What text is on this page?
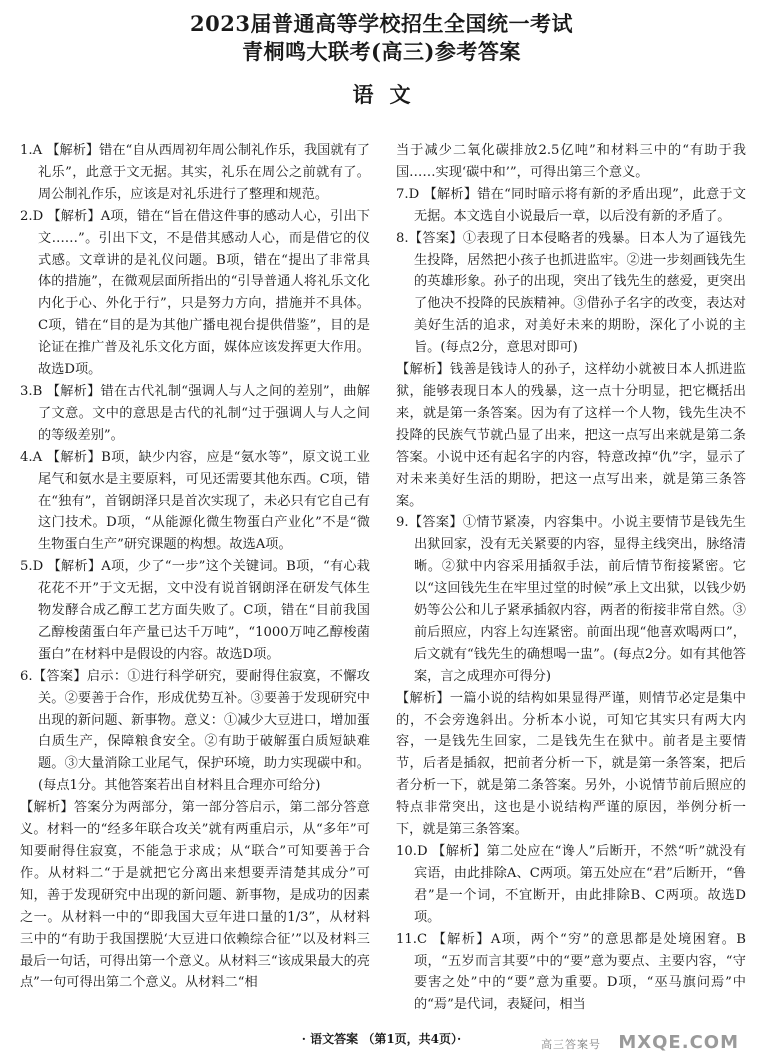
2023届普通高等学校招生全国统一考试
青桐鸣大联考(高三)参考答案
语文

1.A 【解析】错在“自从西周初年周公制礼作乐，我国就有了礼乐”，此意于文无据。其实，礼乐在周公之前就有了。周公制礼作乐，应该是对礼乐进行了整理和规范。

2.D 【解析】A项，错在“旨在借这件事的感动人心，引出下文……”。引出下文，不是借其感动人心，而是借它的仪式感。文章讲的是礼仪问题。B项，错在“提出了非常具体的措施”，在微观层面所指出的“引导普通人将礼乐文化内化于心、外化于行”，只是努力方向，措施并不具体。C项，错在“目的是为其他广播电视台提供借鉴”，目的是论证在推广普及礼乐文化方面，媒体应该发挥更大作用。故选D项。

3.B 【解析】错在古代礼制“强调人与人之间的差别”，曲解了文意。文中的意思是古代的礼制“过于强调人与人之间的等级差别”。

4.A 【解析】B项，缺少内容，应是“氨水等”，原文说工业尾气和氨水是主要原料，可见还需要其他东西。C项，错在“独有”，首钢朗泽只是首次实现了，未必只有它自己有这门技术。D项，“从能源化微生物蛋白产业化”不是“微生物蛋白生产”研究课题的构想。故选A项。

5.D 【解析】A项，少了“一步”这个关键词。B项，“有心栽花花不开”于文无据，文中没有说首钢朗泽在研发气体生物发酵合成乙醇工艺方面失败了。C项，错在“目前我国乙醇梭菌蛋白年产量已达千万吨”，“1000万吨乙醇梭菌蛋白”在材料中是假设的内容。故选D项。

6.【答案】启示：①进行科学研究，要耐得住寂寞，不懈攻关。②要善于合作，形成优势互补。③要善于发现研究中出现的新问题、新事物。意义：①减少大豆进口，增加蛋白质生产，保障粮食安全。②有助于破解蛋白质短缺难题。③大量消除工业尾气，保护环境，助力实现碳中和。(每点1分。其他答案若出自材料且合理亦可给分)

【解析】答案分为两部分，第一部分答启示，第二部分答意义。材料一的“经多年联合攻关”就有两重启示，从“多年”可知要耐得住寂寞，不能急于求成；从“联合”可知要善于合作。从材料二“于是就把它分离出来想要弄清楚其成分”可知，善于发现研究中出现的新问题、新事物，是成功的因素之一。从材料一中的“即我国大豆年进口量的1/3”，从材料三中的“有助于我国摆脱‘大豆进口依赖综合征’”以及材料三最后一句话，可得出第一个意义。从材料三“该成果最大的亮点”一句可得出第二个意义。从材料二“相

当于减少二氧化碳排放2.5亿吨”和材料三中的“有助于我国……实现‘碳中和’”，可得出第三个意义。

7.D 【解析】错在“同时暗示将有新的矛盾出现”，此意于文无据。本文选自小说最后一章，以后没有新的矛盾了。

8.【答案】①表现了日本侵略者的残暴。日本人为了逼钱先生投降，居然把小孩子也抓进监牢。②进一步刻画钱先生的英雄形象。孙子的出现，突出了钱先生的慈爱，更突出了他决不投降的民族精神。③借孙子名字的改变，表达对美好生活的追求，对美好未来的期盼，深化了小说的主旨。(每点2分，意思对即可)

【解析】钱善是钱诗人的孙子，这样幼小就被日本人抓进监狱，能够表现日本人的残暴，这一点十分明显，把它概括出来，就是第一条答案。因为有了这样一个人物，钱先生决不投降的民族气节就凸显了出来，把这一点写出来就是第二条答案。小说中还有起名字的内容，特意改掉“仇”字，显示了对未来美好生活的期盼，把这一点写出来，就是第三条答案。

9.【答案】①情节紧凑，内容集中。小说主要情节是钱先生出狱回家，没有无关紧要的内容，显得主线突出，脉络清晰。②狱中内容采用插叙手法，前后情节衔接紧密。它以“这回钱先生在牢里过堂的时候”承上文出狱，以钱少奶奶等公公和儿子紧承插叙内容，两者的衔接非常自然。③前后照应，内容上勾连紧密。前面出现“他喜欢喝两口”，后文就有“钱先生的确想喝一盅”。(每点2分。如有其他答案，言之成理亦可得分)

【解析】一篇小说的结构如果显得严谨，则情节必定是集中的，不会旁逸斜出。分析本小说，可知它其实只有两大内容，一是钱先生回家，二是钱先生在狱中。前者是主要情节，后者是插叙，把前者分析一下，就是第一条答案，把后者分析一下，就是第二条答案。另外，小说情节前后照应的特点非常突出，这也是小说结构严谨的原因，举例分析一下，就是第三条答案。

10.D 【解析】第二处应在“谗人”后断开，不然“听”就没有宾语，由此排除A、C两项。第五处应在“君”后断开，“鲁君”是一个词，不宜断开，由此排除B、C两项。故选D项。

11.C 【解析】A项，两个“穷”的意思都是处境困窘。B项，“五岁而言其要”中的“要”意为要点、主要内容，“守要害之处”中的“要”意为重要。D项，“巫马旗问焉”中的“焉”是代词，表疑问，相当

· 语文答案 （第1页，共4页）·	高三答案号 MXQE.COM
